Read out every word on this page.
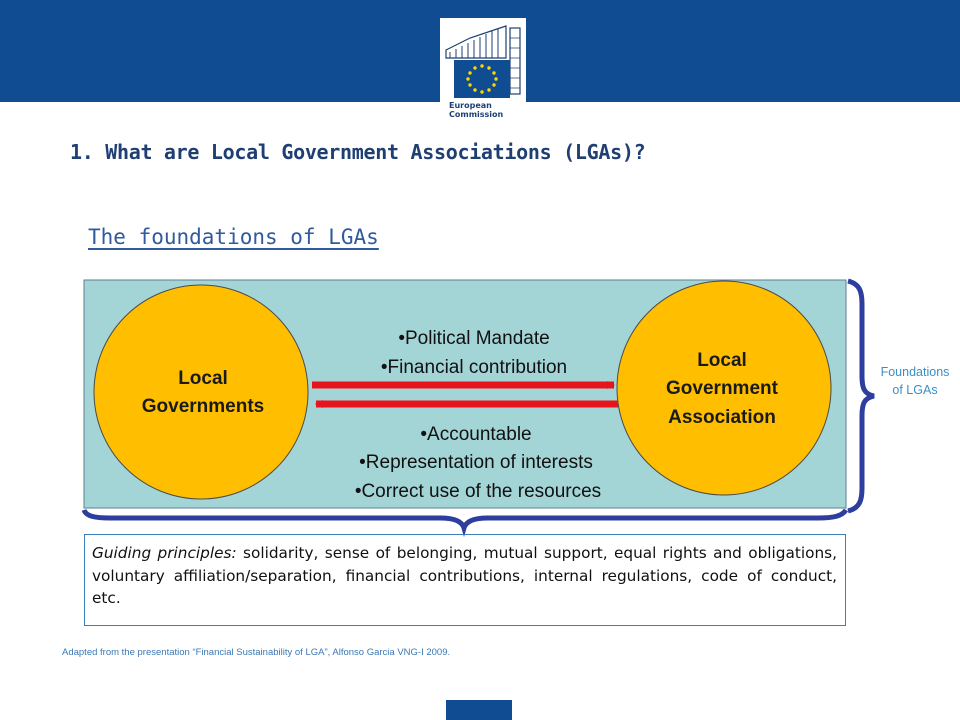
European
Commission
1. What are Local Government Associations (LGAs)?
The foundations of LGAs
Local
Governments
Local
Government
Association
•Political Mandate
•Financial contribution
•Accountable
•Representation of interests
•Correct use of the resources
Foundations
of LGAs
Guiding principles: solidarity, sense of belonging, mutual support, equal rights and obligations, voluntary affiliation/separation, financial contributions, internal regulations, code of conduct, etc.
Adapted from the presentation “Financial Sustainability of LGA”, Alfonso Garcia VNG-I 2009.
